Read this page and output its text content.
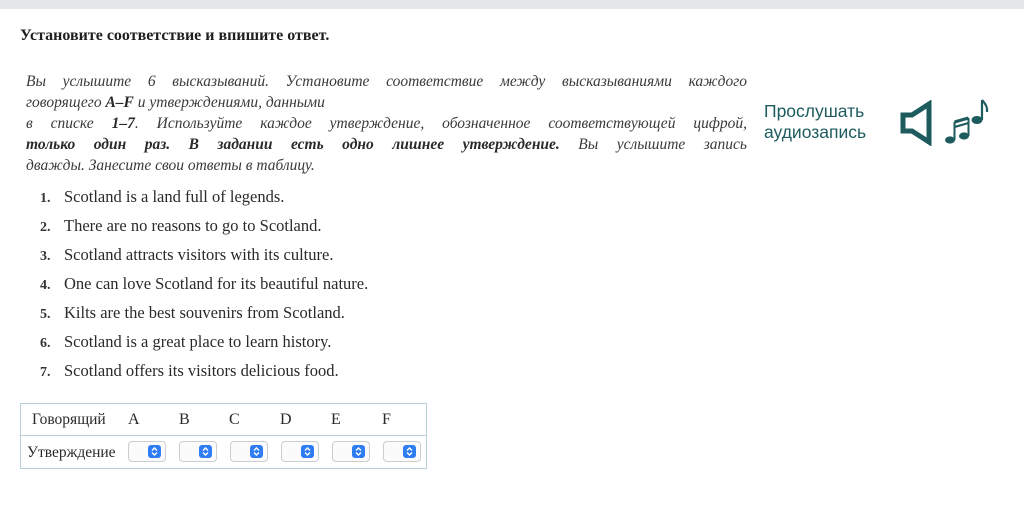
Установите соответствие и впишите ответ.
Вы услышите 6 высказываний. Установите соответствие между высказываниями каждого
говорящего A–F и утверждениями, данными
в списке 1–7. Используйте каждое утверждение, обозначенное соответствующей цифрой,
только один раз. В задании есть одно лишнее утверждение. Вы услышите запись
дважды. Занесите свои ответы в таблицу.
Прослушать
аудиозапись
1. Scotland is a land full of legends.
2. There are no reasons to go to Scotland.
3. Scotland attracts visitors with its culture.
4. One can love Scotland for its beautiful nature.
5. Kilts are the best souvenirs from Scotland.
6. Scotland is a great place to learn history.
7. Scotland offers its visitors delicious food.
Говорящий A B C	D E	F
Утверждение
